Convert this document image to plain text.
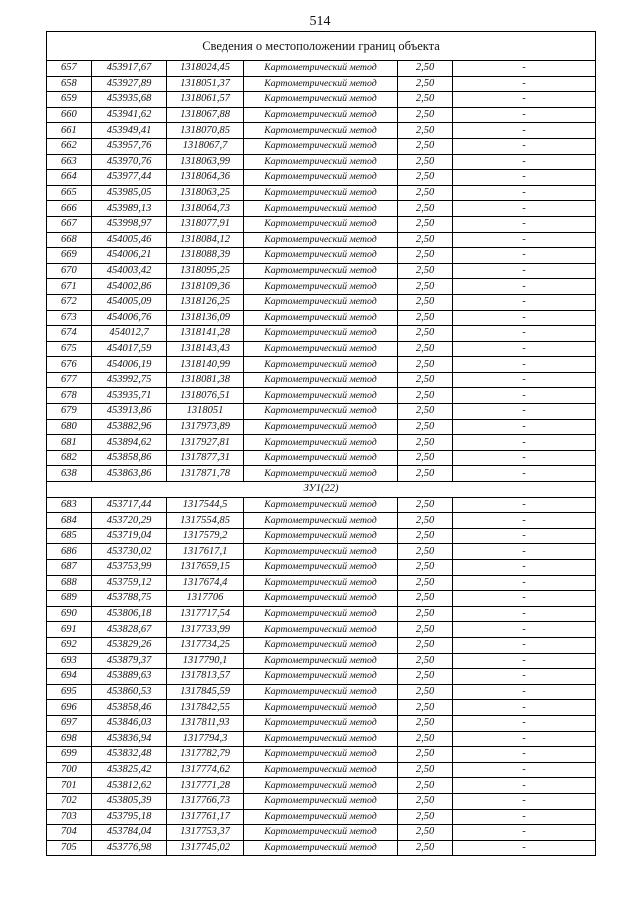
514
Сведения о местоположении границ объекта					
657	453917,67	1318024,45	Картометрический метод	2,50	-
658	453927,89	1318051,37	Картометрический метод	2,50	-
659	453935,68	1318061,57	Картометрический метод	2,50	-
660	453941,62	1318067,88	Картометрический метод	2,50	-
661	453949,41	1318070,85	Картометрический метод	2,50	-
662	453957,76	1318067,7	Картометрический метод	2,50	-
663	453970,76	1318063,99	Картометрический метод	2,50	-
664	453977,44	1318064,36	Картометрический метод	2,50	-
665	453985,05	1318063,25	Картометрический метод	2,50	-
666	453989,13	1318064,73	Картометрический метод	2,50	-
667	453998,97	1318077,91	Картометрический метод	2,50	-
668	454005,46	1318084,12	Картометрический метод	2,50	-
669	454006,21	1318088,39	Картометрический метод	2,50	-
670	454003,42	1318095,25	Картометрический метод	2,50	-
671	454002,86	1318109,36	Картометрический метод	2,50	-
672	454005,09	1318126,25	Картометрический метод	2,50	-
673	454006,76	1318136,09	Картометрический метод	2,50	-
674	454012,7	1318141,28	Картометрический метод	2,50	-
675	454017,59	1318143,43	Картометрический метод	2,50	-
676	454006,19	1318140,99	Картометрический метод	2,50	-
677	453992,75	1318081,38	Картометрический метод	2,50	-
678	453935,71	1318076,51	Картометрический метод	2,50	-
679	453913,86	1318051	Картометрический метод	2,50	-
680	453882,96	1317973,89	Картометрический метод	2,50	-
681	453894,62	1317927,81	Картометрический метод	2,50	-
682	453858,86	1317877,31	Картометрический метод	2,50	-
638	453863,86	1317871,78	Картометрический метод	2,50	-
ЗУ1(22)					
683	453717,44	1317544,5	Картометрический метод	2,50	-
684	453720,29	1317554,85	Картометрический метод	2,50	-
685	453719,04	1317579,2	Картометрический метод	2,50	-
686	453730,02	1317617,1	Картометрический метод	2,50	-
687	453753,99	1317659,15	Картометрический метод	2,50	-
688	453759,12	1317674,4	Картометрический метод	2,50	-
689	453788,75	1317706	Картометрический метод	2,50	-
690	453806,18	1317717,54	Картометрический метод	2,50	-
691	453828,67	1317733,99	Картометрический метод	2,50	-
692	453829,26	1317734,25	Картометрический метод	2,50	-
693	453879,37	1317790,1	Картометрический метод	2,50	-
694	453889,63	1317813,57	Картометрический метод	2,50	-
695	453860,53	1317845,59	Картометрический метод	2,50	-
696	453858,46	1317842,55	Картометрический метод	2,50	-
697	453846,03	1317811,93	Картометрический метод	2,50	-
698	453836,94	1317794,3	Картометрический метод	2,50	-
699	453832,48	1317782,79	Картометрический метод	2,50	-
700	453825,42	1317774,62	Картометрический метод	2,50	-
701	453812,62	1317771,28	Картометрический метод	2,50	-
702	453805,39	1317766,73	Картометрический метод	2,50	-
703	453795,18	1317761,17	Картометрический метод	2,50	-
704	453784,04	1317753,37	Картометрический метод	2,50	-
705	453776,98	1317745,02	Картометрический метод	2,50	-
